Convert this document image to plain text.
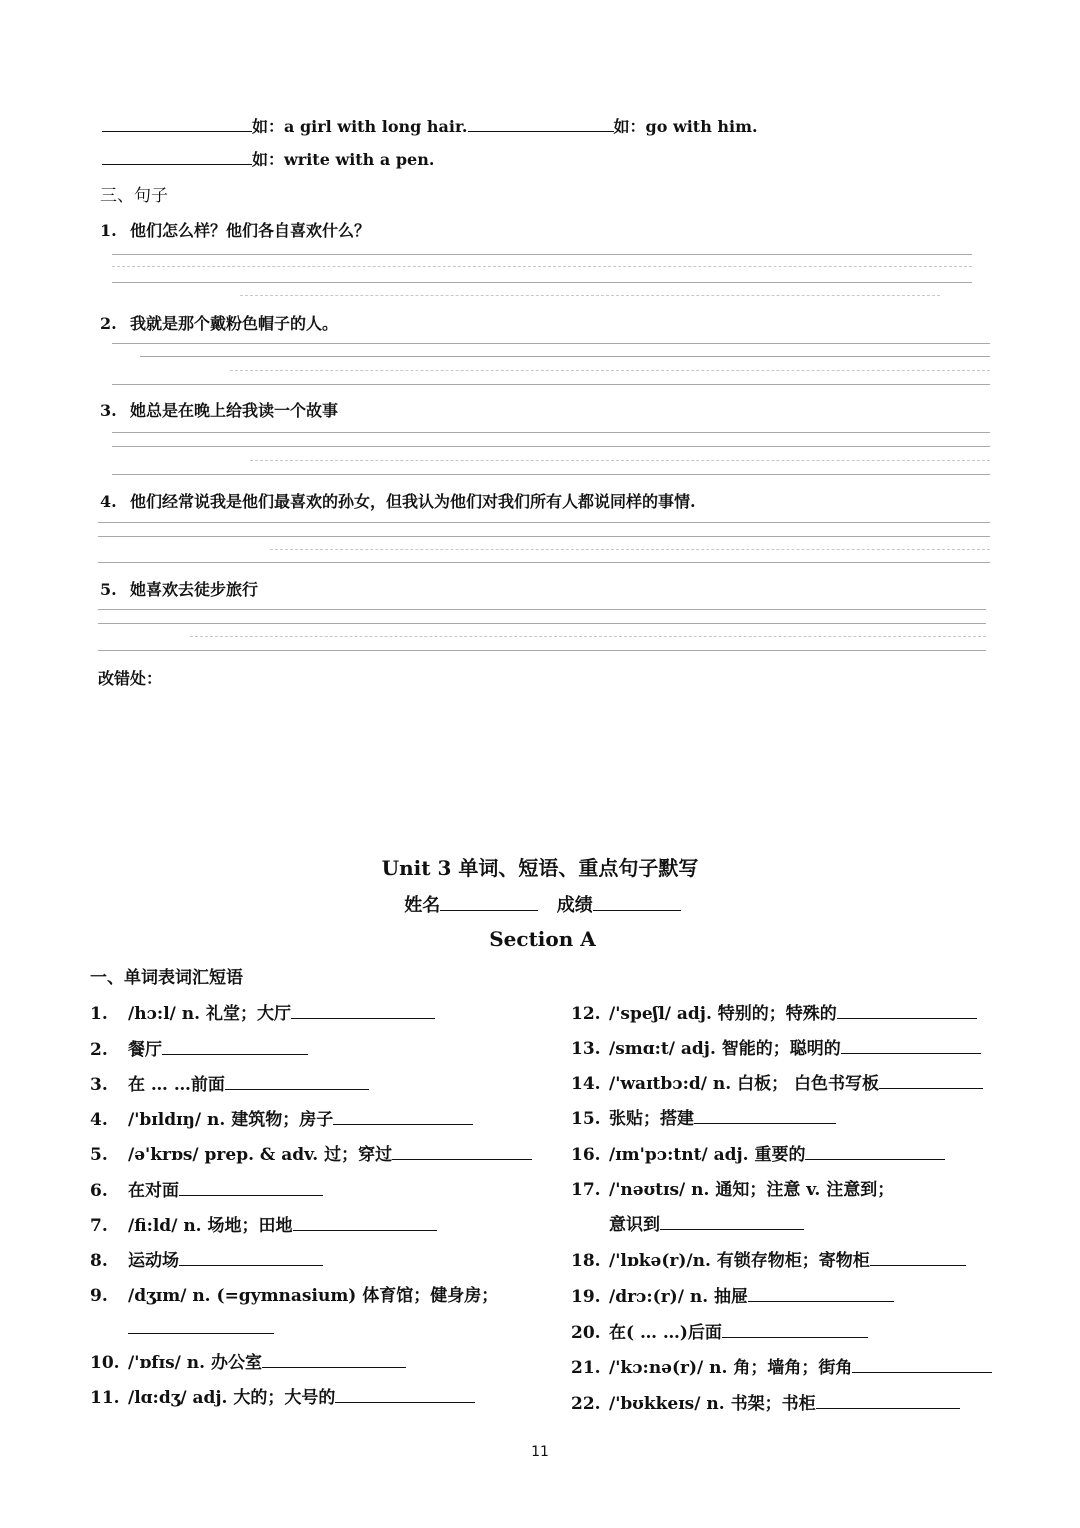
如：a girl with long hair.	如：go with him.
如：write with a pen.
三、句子
1. 他们怎么样？他们各自喜欢什么？
2. 我就是那个戴粉色帽子的人。
3. 她总是在晚上给我读一个故事
4. 他们经常说我是他们最喜欢的孙女，但我认为他们对我们所有人都说同样的事情.
5. 她喜欢去徒步旅行
改错处：
Unit 3 单词、短语、重点句子默写
姓名	成绩
Section A
一、单词表词汇短语
1. /hɔ:l/ n. 礼堂；大厅
2. 餐厅
3. 在 … …前面
4. /'bɪldɪŋ/ n. 建筑物；房子
5. /ə'krɒs/ prep. & adv. 过；穿过
6. 在对面
7. /fi:ld/ n. 场地；田地
8. 运动场
9. /dʒɪm/ n. (=gymnasium) 体育馆；健身房；
10. /'ɒfɪs/ n. 办公室
11. /lɑ:dʒ/ adj. 大的；大号的
12. /'speʃl/ adj. 特别的；特殊的
13. /smɑ:t/ adj. 智能的；聪明的
14. /'waɪtbɔ:d/ n. 白板； 白色书写板
15. 张贴；搭建
16. /ɪm'pɔ:tnt/ adj. 重要的
17. /'nəʊtɪs/ n. 通知；注意 v. 注意到；
意识到
18. /'lɒkə(r)/n. 有锁存物柜；寄物柜
19. /drɔ:(r)/ n. 抽屉
20. 在( … …)后面
21. /'kɔ:nə(r)/ n. 角；墙角；街角
22. /'bʊkkeɪs/ n. 书架；书柜
11
